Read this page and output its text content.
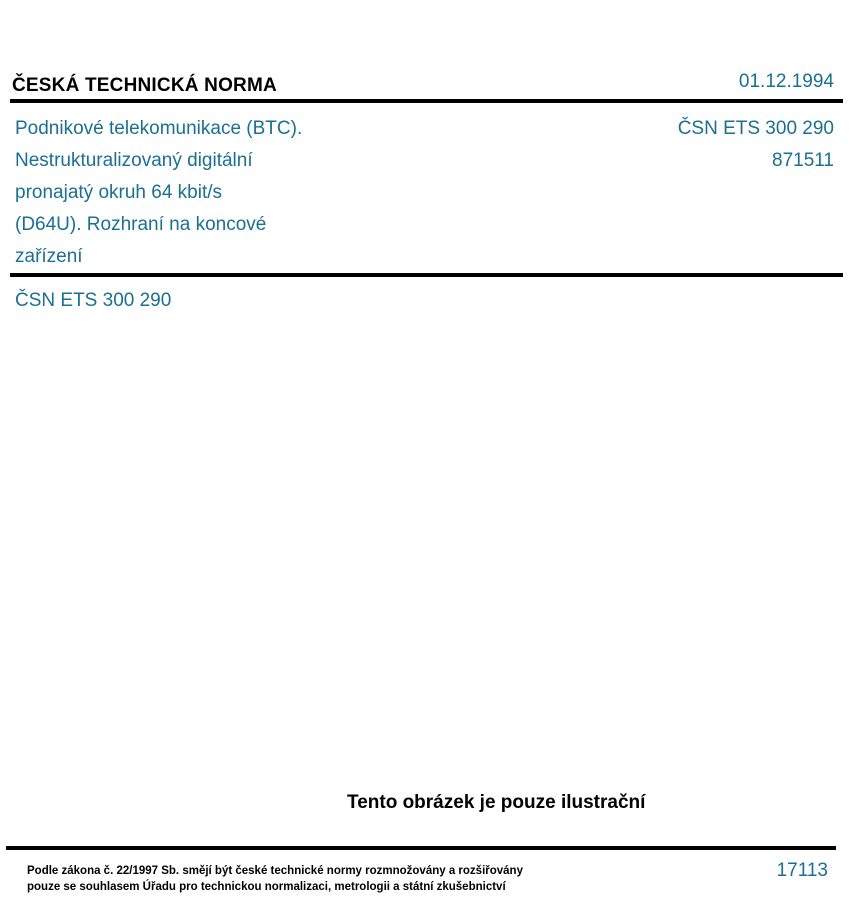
ČESKÁ TECHNICKÁ NORMA	01.12.1994
Podnikové telekomunikace (BTC).
Nestrukturalizovaný digitální
pronajatý okruh 64 kbit/s
(D64U). Rozhraní na koncové
zařízení
ČSN ETS 300 290
871511
ČSN ETS 300 290
Tento obrázek je pouze ilustrační
Podle zákona č. 22/1997 Sb. smějí být české technické normy rozmnožovány a rozšiřovány
pouze se souhlasem Úřadu pro technickou normalizaci, metrologii a státní zkušebnictví
17113
